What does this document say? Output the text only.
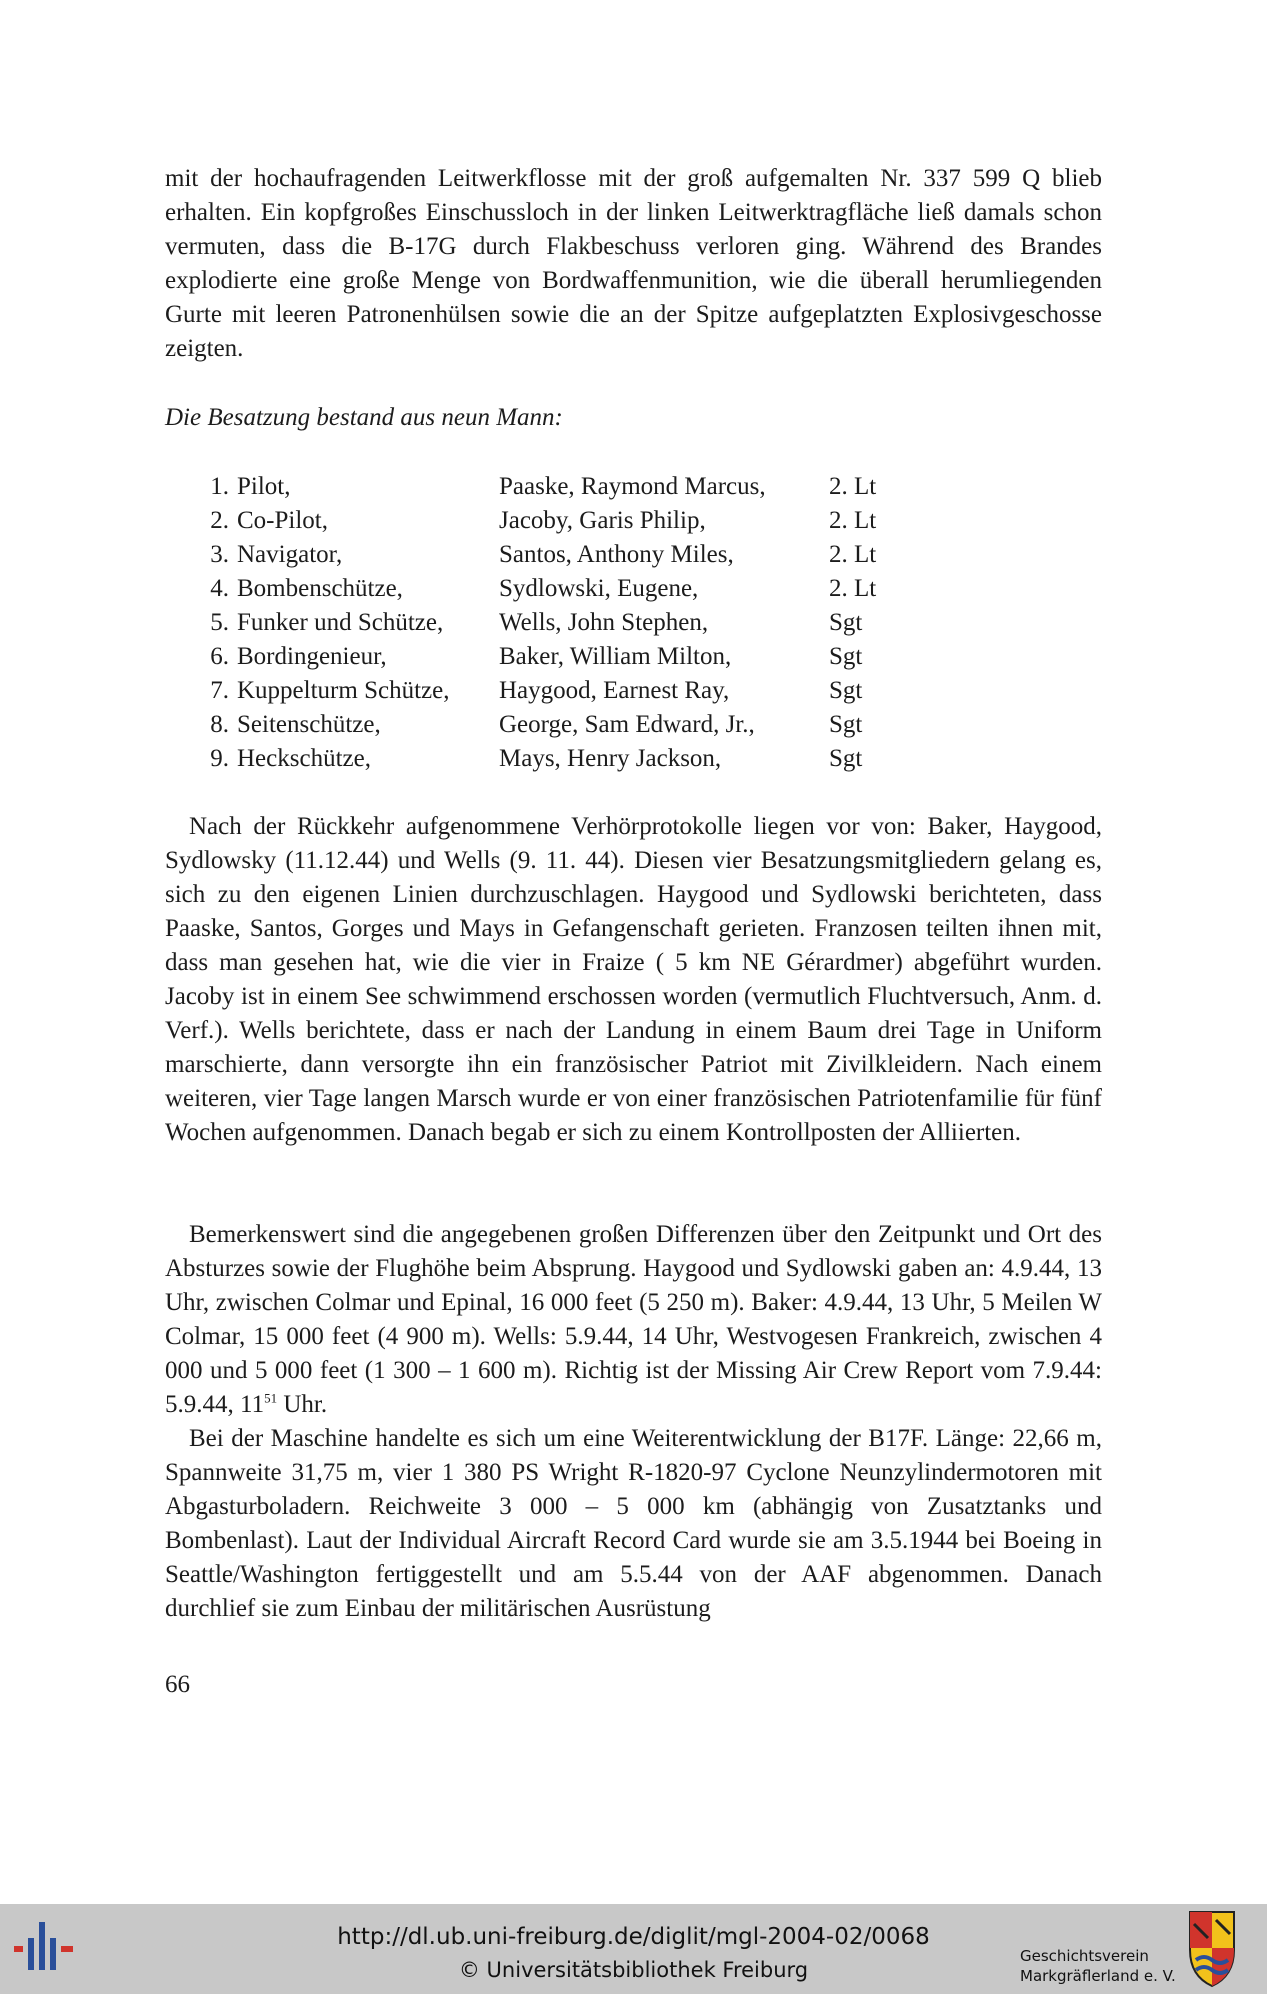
mit der hochaufragenden Leitwerkflosse mit der groß aufgemalten Nr. 337 599 Q blieb erhalten. Ein kopfgroßes Einschussloch in der linken Leitwerktragfläche ließ damals schon vermuten, dass die B-17G durch Flakbeschuss verloren ging. Während des Brandes explodierte eine große Menge von Bordwaffenmunition, wie die überall herumliegenden Gurte mit leeren Patronenhülsen sowie die an der Spitze aufgeplatzten Explosivgeschosse zeigten.

Die Besatzung bestand aus neun Mann:

1.	Pilot,	Paaske, Raymond Marcus,	2. Lt
2.	Co-Pilot,	Jacoby, Garis Philip,	2. Lt
3.	Navigator,	Santos, Anthony Miles,	2. Lt
4.	Bombenschütze,	Sydlowski, Eugene,	2. Lt
5.	Funker und Schütze,	Wells, John Stephen,	Sgt
6.	Bordingenieur,	Baker, William Milton,	Sgt
7.	Kuppelturm Schütze,	Haygood, Earnest Ray,	Sgt
8.	Seitenschütze,	George, Sam Edward, Jr.,	Sgt
9.	Heckschütze,	Mays, Henry Jackson,	Sgt

Nach der Rückkehr aufgenommene Verhörprotokolle liegen vor von: Baker, Haygood, Sydlowsky (11.12.44) und Wells (9. 11. 44). Diesen vier Besatzungsmitgliedern gelang es, sich zu den eigenen Linien durchzuschlagen. Haygood und Sydlowski berichteten, dass Paaske, Santos, Gorges und Mays in Gefangenschaft gerieten. Franzosen teilten ihnen mit, dass man gesehen hat, wie die vier in Fraize ( 5 km NE Gérardmer) abgeführt wurden. Jacoby ist in einem See schwimmend erschossen worden (vermutlich Fluchtversuch, Anm. d. Verf.). Wells berichtete, dass er nach der Landung in einem Baum drei Tage in Uniform marschierte, dann versorgte ihn ein französischer Patriot mit Zivilkleidern. Nach einem weiteren, vier Tage langen Marsch wurde er von einer französischen Patriotenfamilie für fünf Wochen aufgenommen. Danach begab er sich zu einem Kontrollposten der Alliierten.

Bemerkenswert sind die angegebenen großen Differenzen über den Zeitpunkt und Ort des Absturzes sowie der Flughöhe beim Absprung. Haygood und Sydlowski gaben an: 4.9.44, 13 Uhr, zwischen Colmar und Epinal, 16 000 feet (5 250 m). Baker: 4.9.44, 13 Uhr, 5 Meilen W Colmar, 15 000 feet (4 900 m). Wells: 5.9.44, 14 Uhr, Westvogesen Frankreich, zwischen 4 000 und 5 000 feet (1 300 – 1 600 m). Richtig ist der Missing Air Crew Report vom 7.9.44: 5.9.44, $11^{51}$ Uhr.

Bei der Maschine handelte es sich um eine Weiterentwicklung der B17F. Länge: 22,66 m, Spannweite 31,75 m, vier 1 380 PS Wright R-1820-97 Cyclone Neunzylindermotoren mit Abgasturboladern. Reichweite 3 000 – 5 000 km (abhängig von Zusatztanks und Bombenlast). Laut der Individual Aircraft Record Card wurde sie am 3.5.1944 bei Boeing in Seattle/Washington fertiggestellt und am 5.5.44 von der AAF abgenommen. Danach durchlief sie zum Einbau der militärischen Ausrüstung

66
http://dl.ub.uni-freiburg.de/diglit/mgl-2004-02/0068
© Universitätsbibliothek Freiburg
Geschichtsverein
Markgräflerland e. V.
